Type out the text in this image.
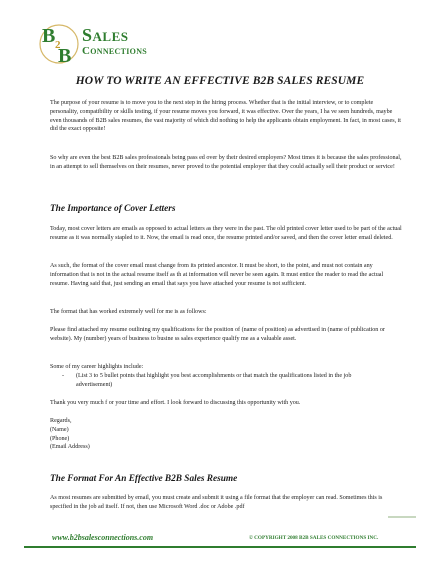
B 2
B
Sales
Connections
HOW TO WRITE AN EFFECTIVE B2B SALES RESUME

The purpose of your resume is to move you to the next step in the hiring process. Whether that is the initial interview, or to complete personality, compatibility or skills testing, if your resume moves you forward, it was effective. Over the years, I ha ve seen hundreds, maybe even thousands of B2B sales resumes, the vast majority of which did nothing to help the applicants obtain employment. In fact, in most cases, it did the exact opposite!

So why are even the best B2B sales professionals being pass ed over by their desired employers? Most times it is because the sales professional, in an attempt to sell themselves on their resumes, never proved to the potential employer that they could actually sell their product or service!

The Importance of Cover Letters

Today, most cover letters are emails as opposed to actual letters as they were in the past. The old printed cover letter used to be part of the actual resume as it was normally stapled to it. Now, the email is read once, the resume printed and/or saved, and then the cover letter email deleted.

As such, the format of the cover email must change from its printed ancestor. It must be short, to the point, and must not contain any information that is not in the actual resume itself as th at information will never be seen again. It must entice the reader to read the actual resume. Having said that, just sending an email that says you have attached your resume is not sufficient.

The format that has worked extremely well for me is as follows:

Please find attached my resume outlining my qualifications for the position of (name of position) as advertised in (name of publication or website). My (number) years of business to busine ss sales experience qualify me as a valuable asset.

Some of my career highlights include:

- (List 3 to 5 bullet points that highlight you best accomplishments or that match the qualifications listed in the job advertisement)

Thank you very much f or your time and effort. I look forward to discussing this opportunity with you.

Regards,
(Name)
(Phone)
(Email Address)
The Format For An Effective B2B Sales Resume

As most resumes are submitted by email, you must create and submit it using a file format that the employer can read. Sometimes this is specified in the job ad itself. If not, then use Microsoft Word .doc or Adobe .pdf

www.b2bsalesconnections.com	© COPYRIGHT 2008 B2B SALES CONNECTIONS INC.
